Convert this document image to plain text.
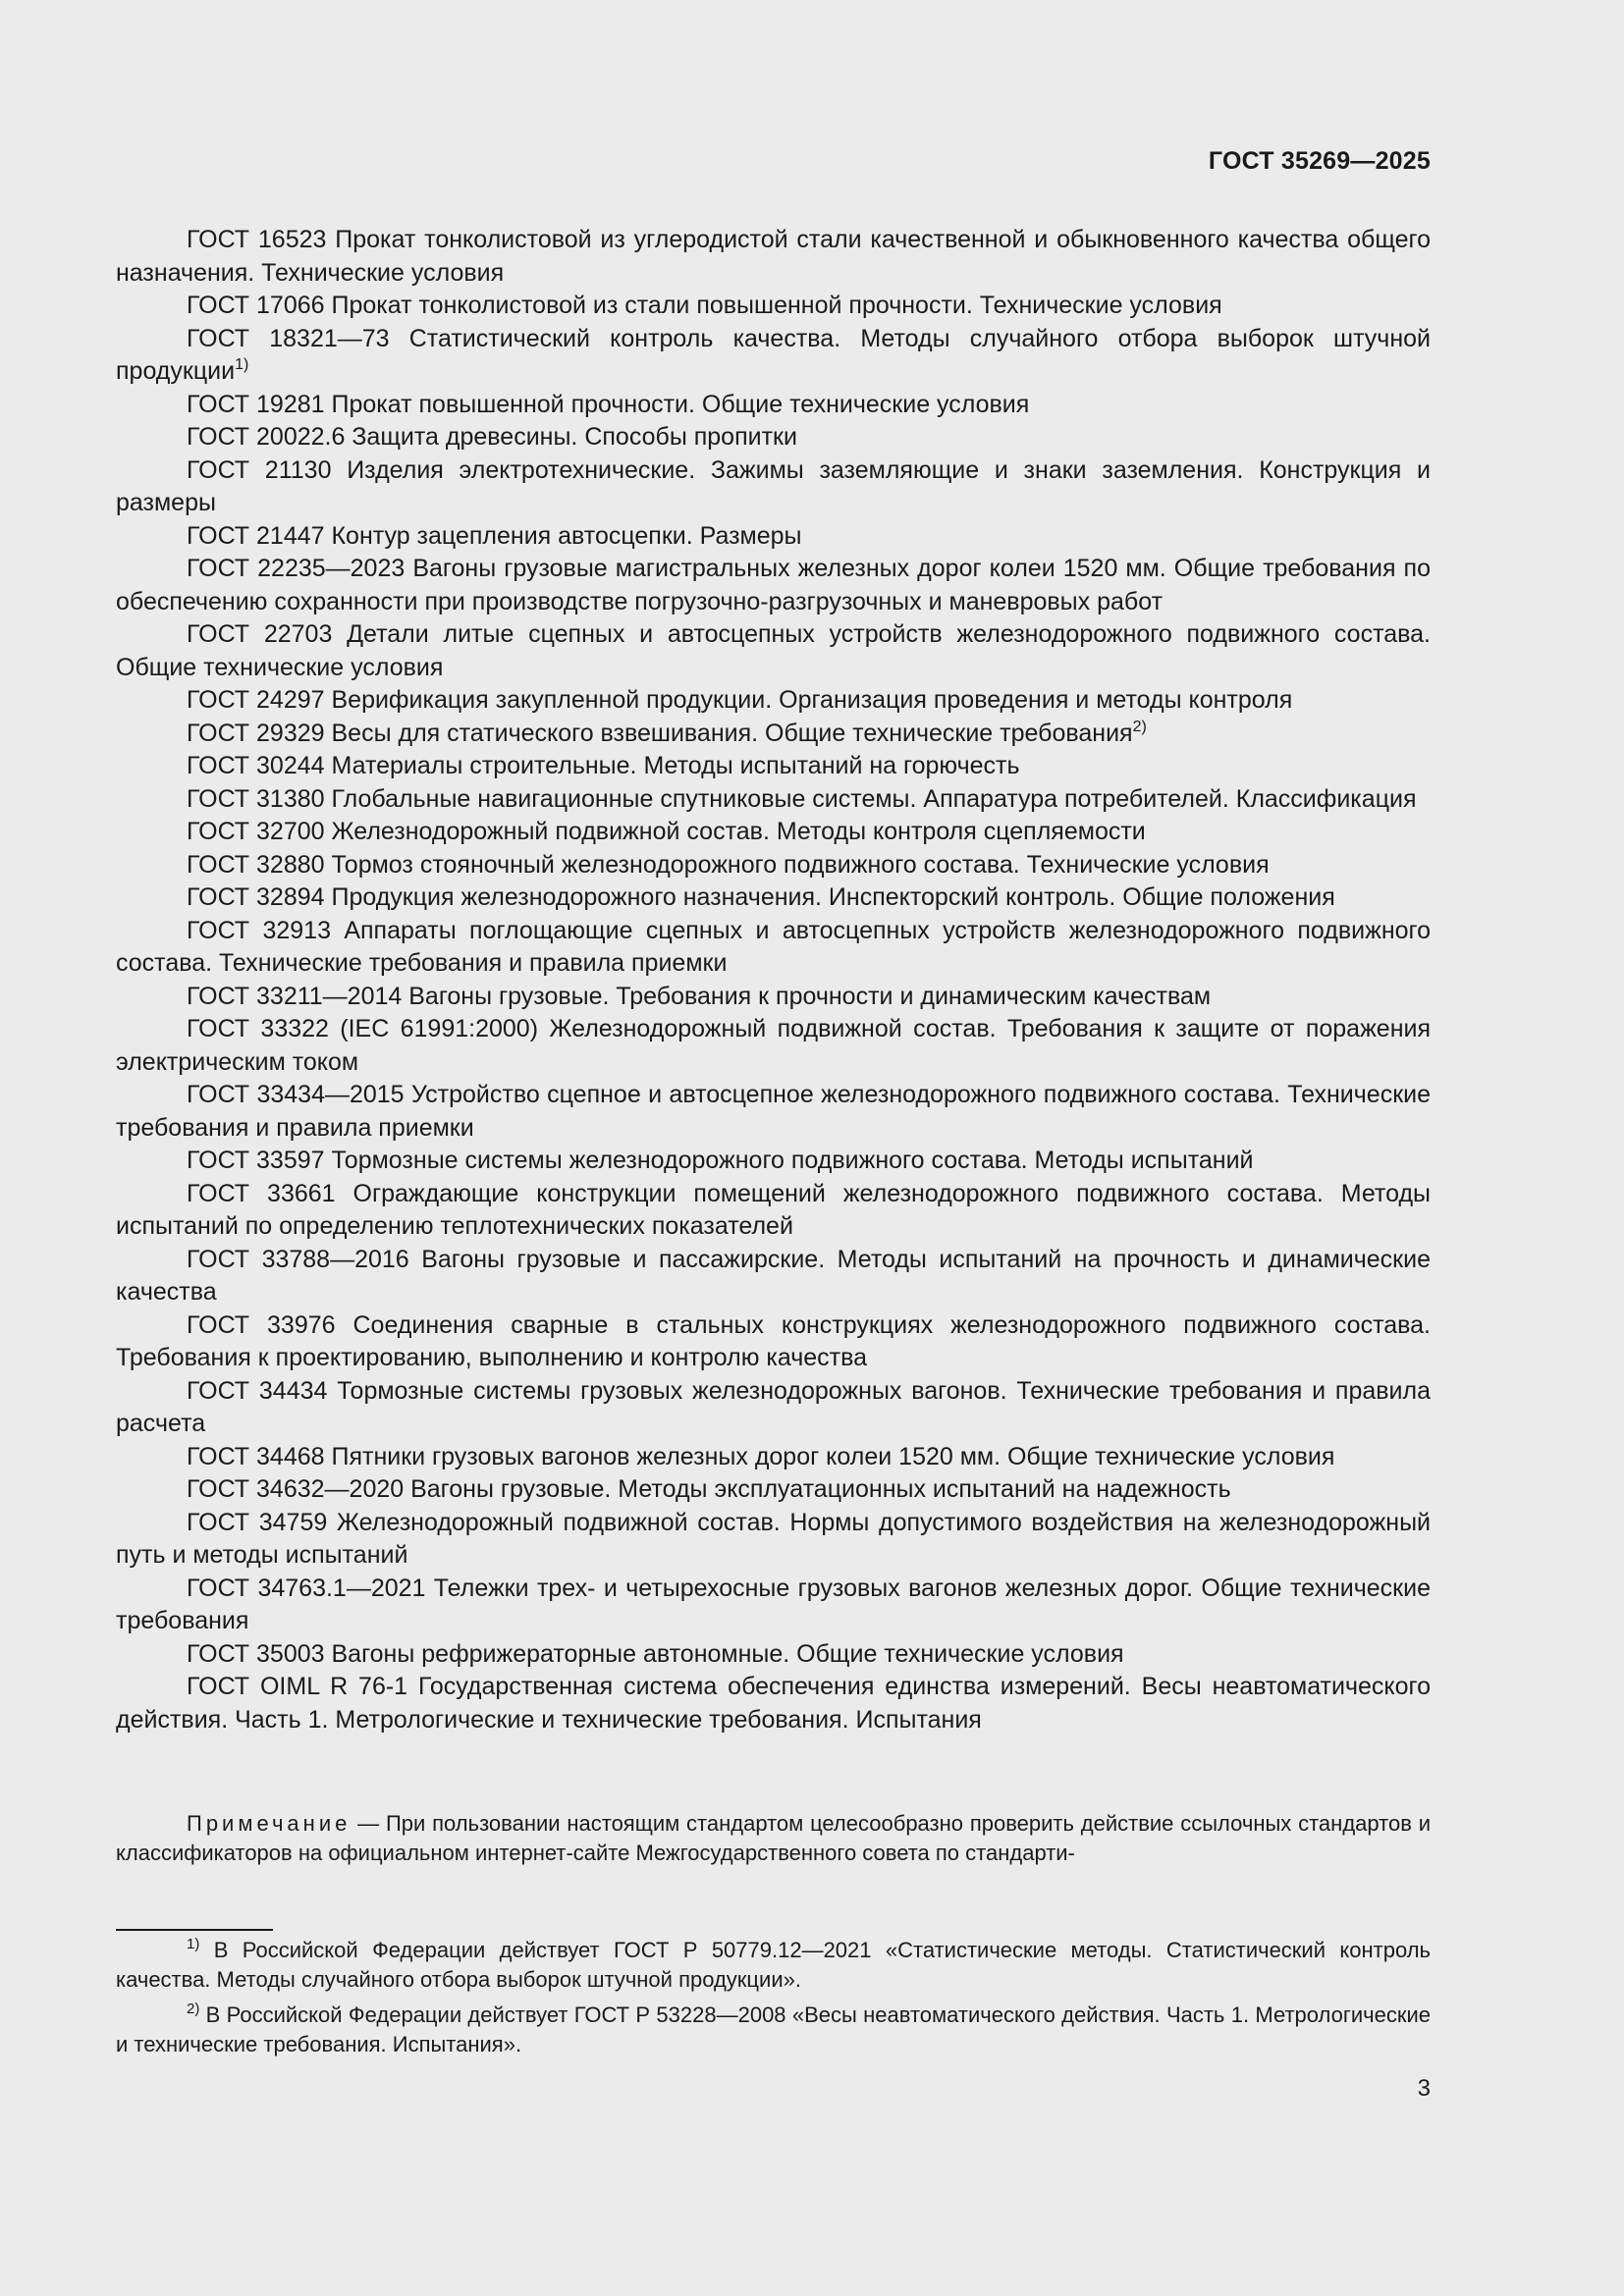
ГОСТ 35269—2025

ГОСТ 16523 Прокат тонколистовой из углеродистой стали качественной и обыкновенного качества общего назначения. Технические условия

ГОСТ 17066 Прокат тонколистовой из стали повышенной прочности. Технические условия

ГОСТ 18321—73 Статистический контроль качества. Методы случайного отбора выборок штучной продукции$^{1)}$

ГОСТ 19281 Прокат повышенной прочности. Общие технические условия

ГОСТ 20022.6 Защита древесины. Способы пропитки

ГОСТ 21130 Изделия электротехнические. Зажимы заземляющие и знаки заземления. Конструкция и размеры

ГОСТ 21447 Контур зацепления автосцепки. Размеры

ГОСТ 22235—2023 Вагоны грузовые магистральных железных дорог колеи 1520 мм. Общие требования по обеспечению сохранности при производстве погрузочно-разгрузочных и маневровых работ

ГОСТ 22703 Детали литые сцепных и автосцепных устройств железнодорожного подвижного состава. Общие технические условия

ГОСТ 24297 Верификация закупленной продукции. Организация проведения и методы контроля

ГОСТ 29329 Весы для статического взвешивания. Общие технические требования$^{2)}$

ГОСТ 30244 Материалы строительные. Методы испытаний на горючесть

ГОСТ 31380 Глобальные навигационные спутниковые системы. Аппаратура потребителей. Классификация

ГОСТ 32700 Железнодорожный подвижной состав. Методы контроля сцепляемости

ГОСТ 32880 Тормоз стояночный железнодорожного подвижного состава. Технические условия

ГОСТ 32894 Продукция железнодорожного назначения. Инспекторский контроль. Общие положения

ГОСТ 32913 Аппараты поглощающие сцепных и автосцепных устройств железнодорожного подвижного состава. Технические требования и правила приемки

ГОСТ 33211—2014 Вагоны грузовые. Требования к прочности и динамическим качествам

ГОСТ 33322 (IEC 61991:2000) Железнодорожный подвижной состав. Требования к защите от поражения электрическим током

ГОСТ 33434—2015 Устройство сцепное и автосцепное железнодорожного подвижного состава. Технические требования и правила приемки

ГОСТ 33597 Тормозные системы железнодорожного подвижного состава. Методы испытаний

ГОСТ 33661 Ограждающие конструкции помещений железнодорожного подвижного состава. Методы испытаний по определению теплотехнических показателей

ГОСТ 33788—2016 Вагоны грузовые и пассажирские. Методы испытаний на прочность и динамические качества

ГОСТ 33976 Соединения сварные в стальных конструкциях железнодорожного подвижного состава. Требования к проектированию, выполнению и контролю качества

ГОСТ 34434 Тормозные системы грузовых железнодорожных вагонов. Технические требования и правила расчета

ГОСТ 34468 Пятники грузовых вагонов железных дорог колеи 1520 мм. Общие технические условия

ГОСТ 34632—2020 Вагоны грузовые. Методы эксплуатационных испытаний на надежность

ГОСТ 34759 Железнодорожный подвижной состав. Нормы допустимого воздействия на железнодорожный путь и методы испытаний

ГОСТ 34763.1—2021 Тележки трех- и четырехосные грузовых вагонов железных дорог. Общие технические требования

ГОСТ 35003 Вагоны рефрижераторные автономные. Общие технические условия

ГОСТ OIML R 76-1 Государственная система обеспечения единства измерений. Весы неавтоматического действия. Часть 1. Метрологические и технические требования. Испытания

Примечание — При пользовании настоящим стандартом целесообразно проверить действие ссылочных стандартов и классификаторов на официальном интернет-сайте Межгосударственного совета по стандарти-

$^{1)}$ В Российской Федерации действует ГОСТ Р 50779.12—2021 «Статистические методы. Статистический контроль качества. Методы случайного отбора выборок штучной продукции».

$^{2)}$ В Российской Федерации действует ГОСТ Р 53228—2008 «Весы неавтоматического действия. Часть 1. Метрологические и технические требования. Испытания».

3
